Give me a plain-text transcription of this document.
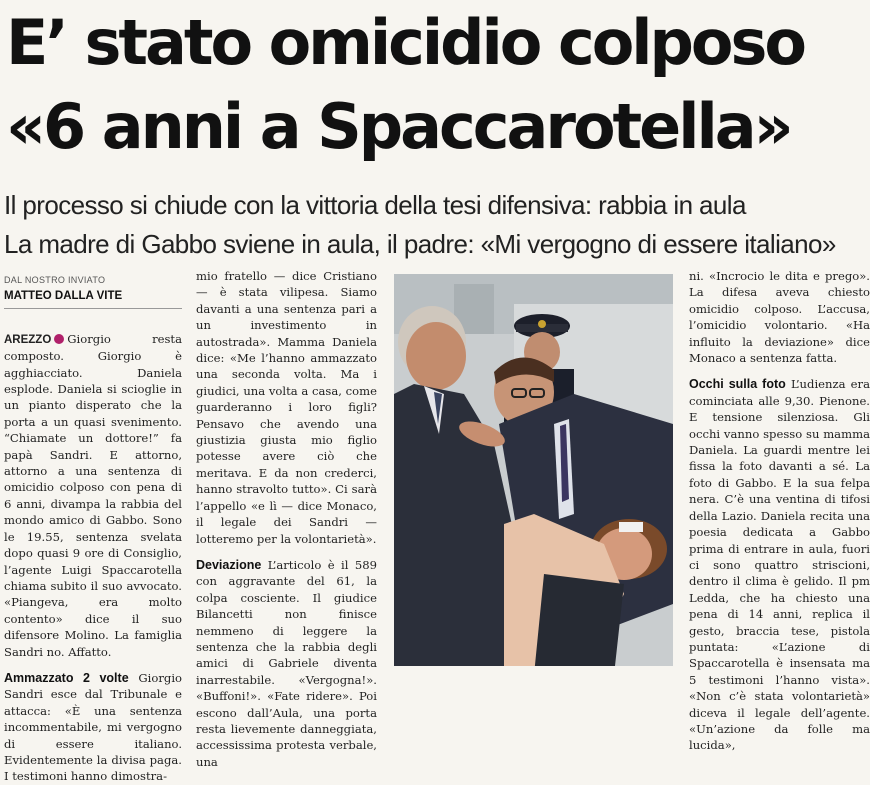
E’ stato omicidio colposo
«6 anni a Spaccarotella»
Il processo si chiude con la vittoria della tesi difensiva: rabbia in aula
La madre di Gabbo sviene in aula, il padre: «Mi vergogno di essere italiano»
DAL NOSTRO INVIATO
MATTEO DALLA VITE

AREZZO Giorgio resta composto. Giorgio è agghiacciato. Daniela esplode. Daniela si scioglie in un pianto disperato che la porta a un quasi svenimento. “Chiamate un dottore!” fa papà Sandri. E attorno, attorno a una sentenza di omicidio colposo con pena di 6 anni, divampa la rabbia del mondo amico di Gabbo. Sono le 19.55, sentenza svelata dopo quasi 9 ore di Consiglio, l’agente Luigi Spaccarotella chiama subito il suo avvocato. «Piangeva, era molto contento» dice il suo difensore Molino. La famiglia Sandri no. Affatto.

Ammazzato 2 volte Giorgio Sandri esce dal Tribunale e attacca: «È una sentenza incommentabile, mi vergogno di essere italiano. Evidentemente la divisa paga. I testimoni hanno dimostra-

mio fratello — dice Cristiano — è stata vilipesa. Siamo davanti a una sentenza pari a un investimento in autostrada». Mamma Daniela dice: «Me l’hanno ammazzato una seconda volta. Ma i giudici, una volta a casa, come guarderanno i loro figli? Pensavo che avendo una giustizia giusta mio figlio potesse avere ciò che meritava. E da non crederci, hanno stravolto tutto». Ci sarà l’appello «e lì — dice Monaco, il legale dei Sandri — lotteremo per la volontarietà».

Deviazione L’articolo è il 589 con aggravante del 61, la colpa cosciente. Il giudice Bilancetti non finisce nemmeno di leggere la sentenza che la rabbia degli amici di Gabriele diventa inarrestabile. «Vergogna!». «Buffoni!». «Fate ridere». Poi escono dall’Aula, una porta resta lievemente danneggiata, accessissima protesta verbale, una

ni. «Incrocio le dita e prego». La difesa aveva chiesto omicidio colposo. L’accusa, l’omicidio volontario. «Ha influito la deviazione» dice Monaco a sentenza fatta.

Occhi sulla foto L’udienza era cominciata alle 9,30. Pienone. E tensione silenziosa. Gli occhi vanno spesso su mamma Daniela. La guardi mentre lei fissa la foto davanti a sé. La foto di Gabbo. E la sua felpa nera. C’è una ventina di tifosi della Lazio. Daniela recita una poesia dedicata a Gabbo prima di entrare in aula, fuori ci sono quattro striscioni, dentro il clima è gelido. Il pm Ledda, che ha chiesto una pena di 14 anni, replica il gesto, braccia tese, pistola puntata: «L’azione di Spaccarotella è insensata ma 5 testimoni l’hanno vista». «Non c’è stata volontarietà» diceva il legale dell’agente. «Un’azione da folle ma lucida»,
